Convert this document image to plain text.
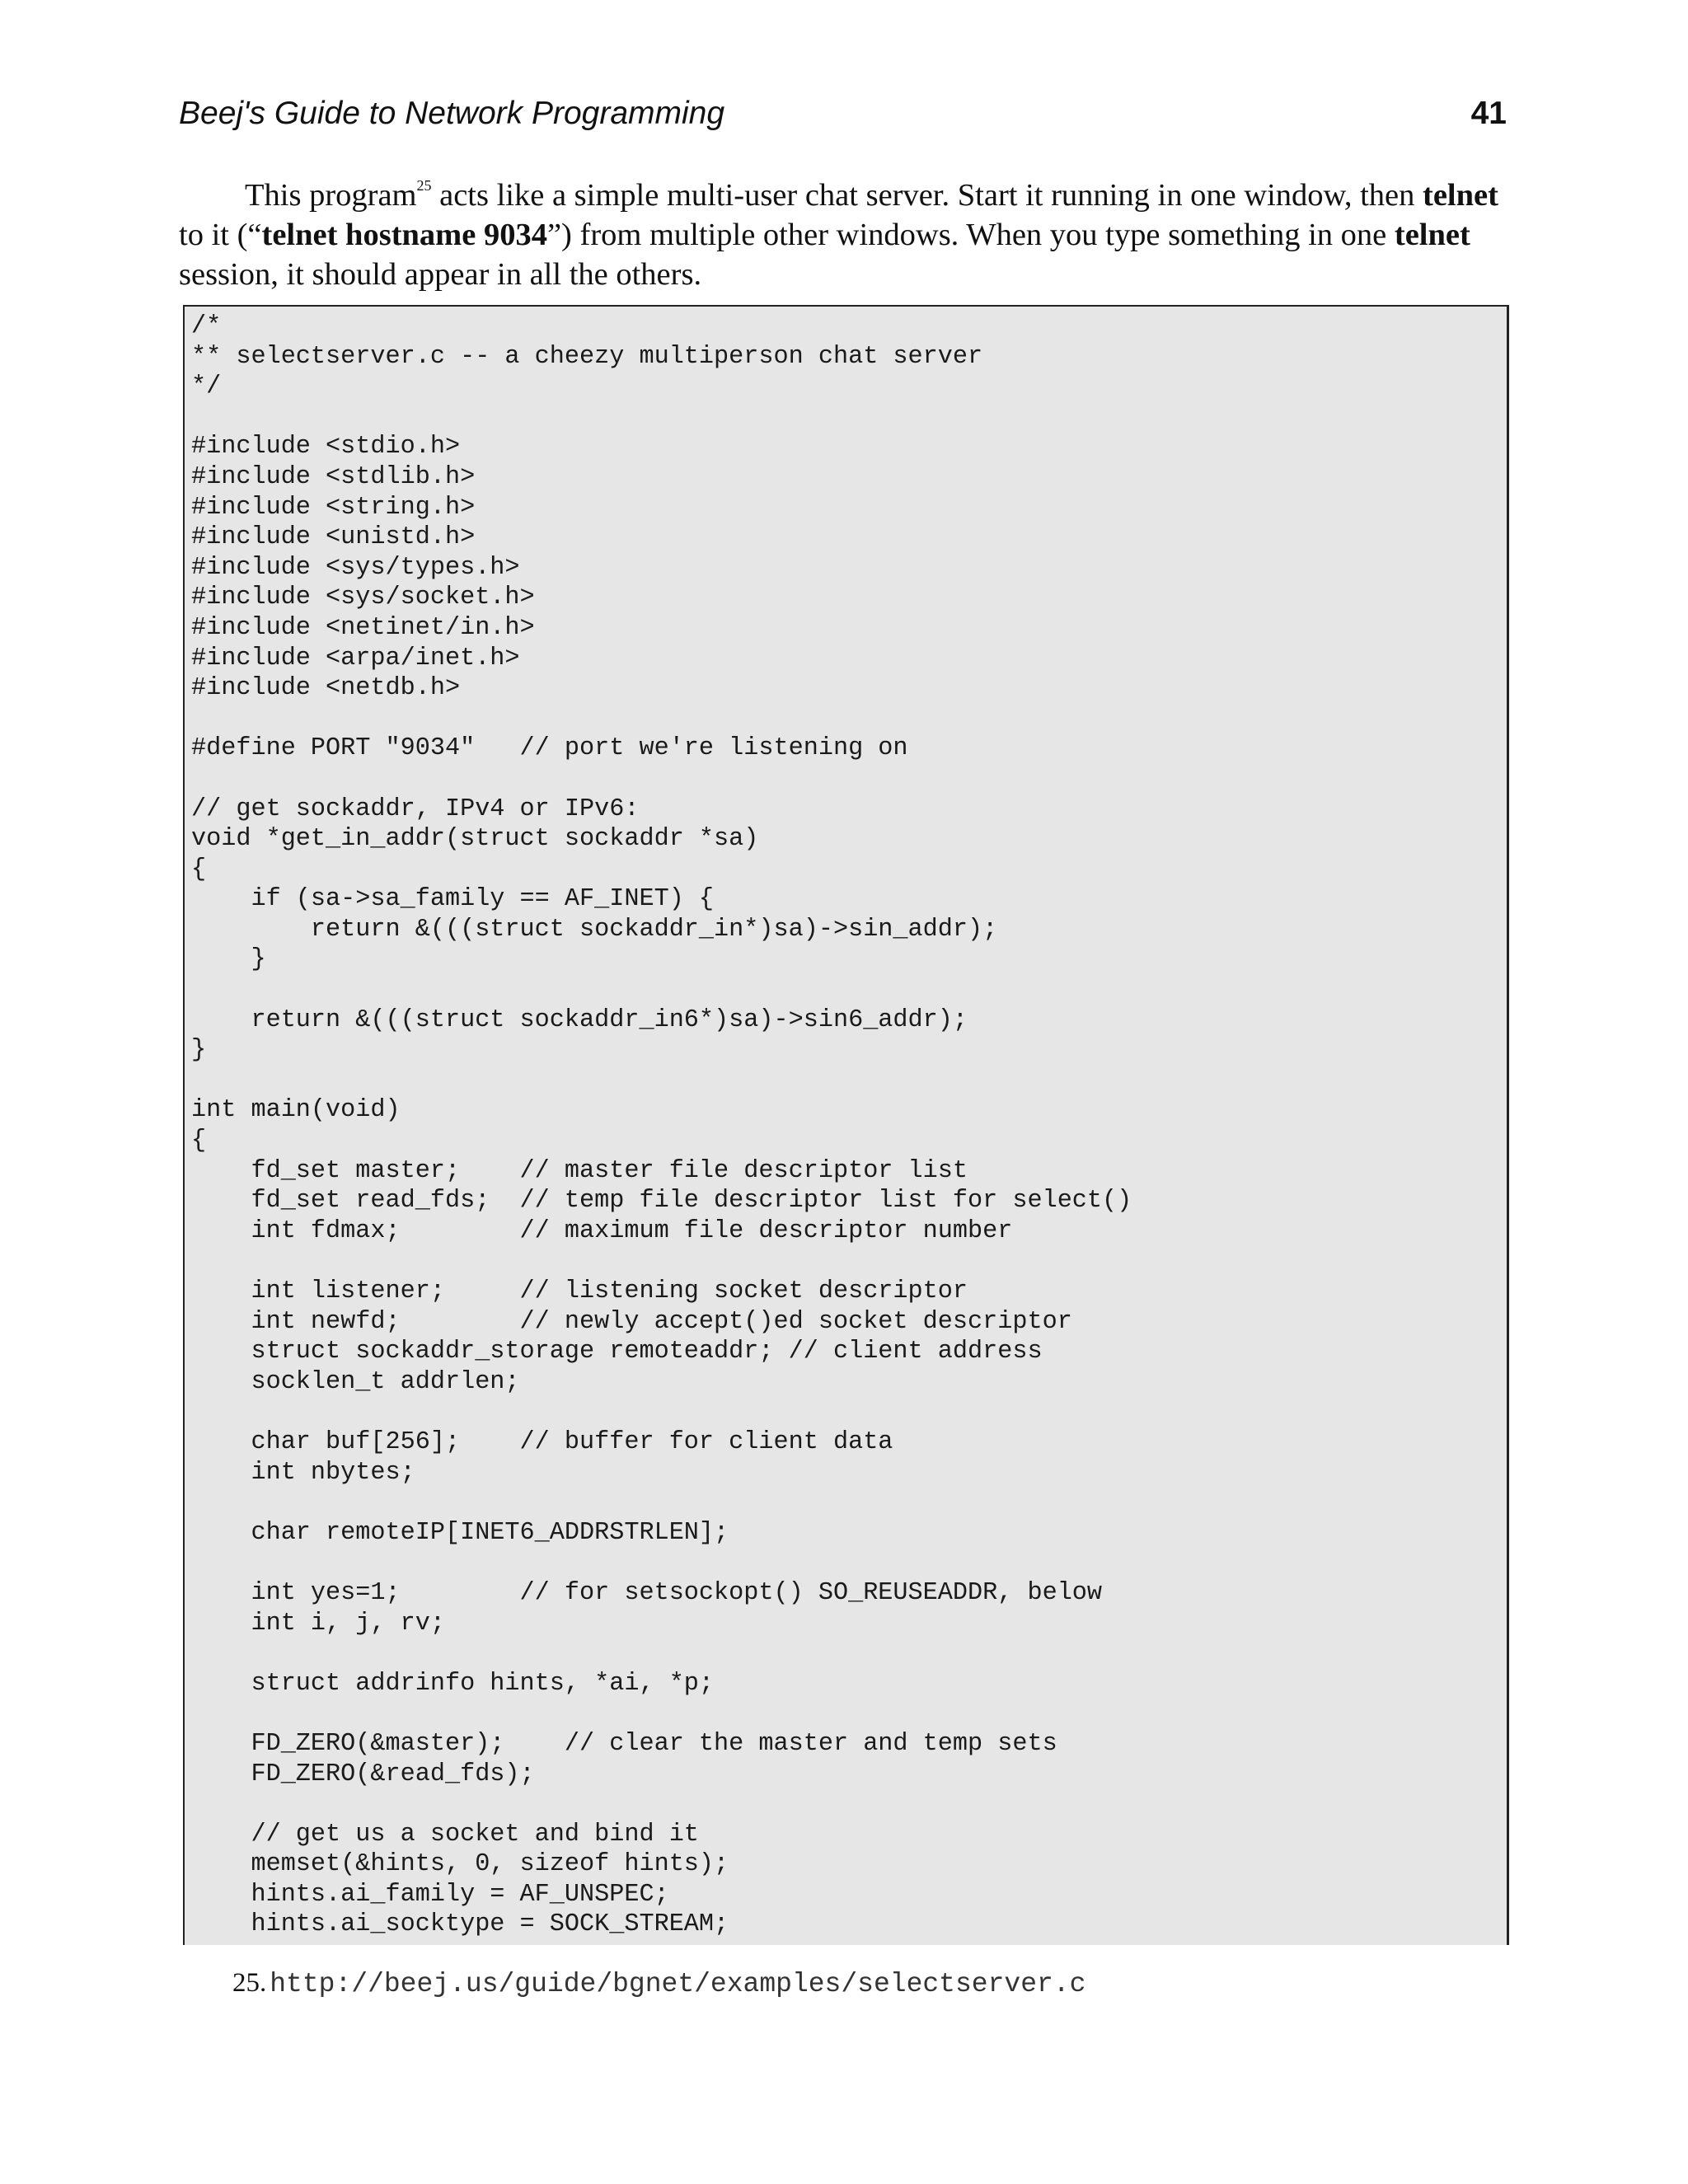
Beej's Guide to Network Programming	41

This program$^{25}$ acts like a simple multi-user chat server. Start it running in one window, then telnet to it (“telnet hostname 9034”) from multiple other windows. When you type something in one telnet session, it should appear in all the others.

/*
** selectserver.c -- a cheezy multiperson chat server
*/

#include <stdio.h>
#include <stdlib.h>
#include <string.h>
#include <unistd.h>
#include <sys/types.h>
#include <sys/socket.h>
#include <netinet/in.h>
#include <arpa/inet.h>
#include <netdb.h>

#define PORT "9034"   // port we're listening on

// get sockaddr, IPv4 or IPv6:
void *get_in_addr(struct sockaddr *sa)
{
if (sa->sa_family == AF_INET) {
return &(((struct sockaddr_in*)sa)->sin_addr);
}

return &(((struct sockaddr_in6*)sa)->sin6_addr);
}

int main(void)
{
fd_set master;    // master file descriptor list
fd_set read_fds;  // temp file descriptor list for select()
int fdmax;        // maximum file descriptor number

int listener;     // listening socket descriptor
int newfd;        // newly accept()ed socket descriptor
struct sockaddr_storage remoteaddr; // client address
socklen_t addrlen;

char buf[256];    // buffer for client data
int nbytes;

char remoteIP[INET6_ADDRSTRLEN];

int yes=1;        // for setsockopt() SO_REUSEADDR, below
int i, j, rv;

struct addrinfo hints, *ai, *p;

FD_ZERO(&master);    // clear the master and temp sets
FD_ZERO(&read_fds);

// get us a socket and bind it
memset(&hints, 0, sizeof hints);
hints.ai_family = AF_UNSPEC;
hints.ai_socktype = SOCK_STREAM;
25. http://beej.us/guide/bgnet/examples/selectserver.c
